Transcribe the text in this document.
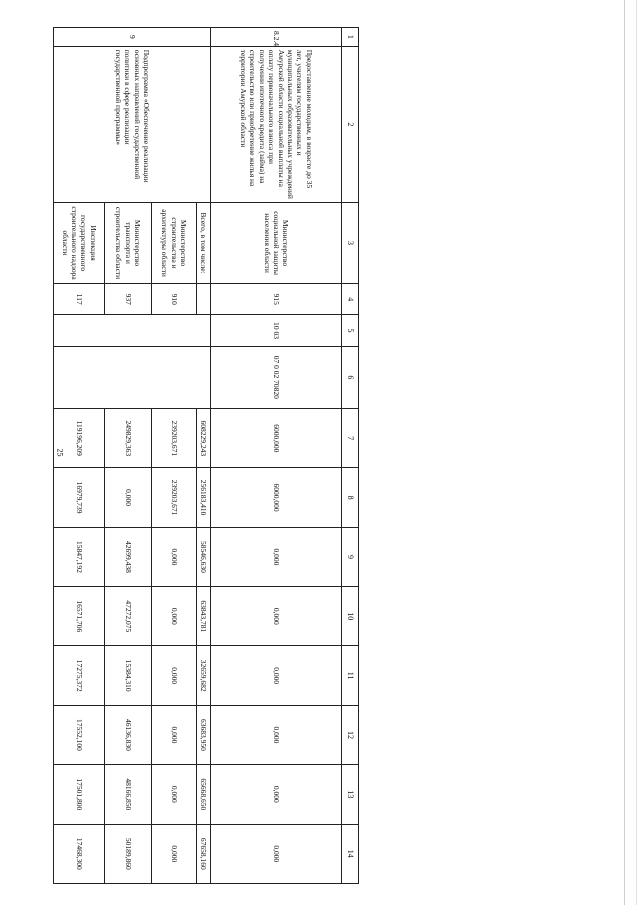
25
1	2	3	4	5	6	7	8	9	10	11	12	13	14
8.2.4	Предоставление молодым, в возрасте до 35 лет, учителям государственных и муниципальных образовательных учреждений Амурской области социальной выплаты на оплату первоначального взноса при получении ипотечного кредита (займа) на строительство или приобретение жилья на территории Амурской области	Министерство социальной защиты населения области	915	10 03	07 0 02 70820	6000,000	6000,000	0,000	0,000	0,000	0,000	0,000	0,000
9	Подпрограмма «Обеспечение реализации основных направлений государственной политики в сфере реализации государственной программы»	Всего, в том числе:				608229,243	256183,410	58546,630	63843,781	32659,682	63683,950	65668,650	67658,160
		Министерство строительства и архитектуры области	910			239203,671	239203,671	0,000	0,000	0,000	0,000	0,000	0,000
		Министерство транспорта и строительства области	937			249829,363	0,000	42699,438	47272,075	15384,310	46136,830	48166,850	50189,860
		Инспекция государственного строительного надзора области	117			119196,209	16979,739	15847,192	16571,706	17275,372	17552,100	17501,800	17468,300
